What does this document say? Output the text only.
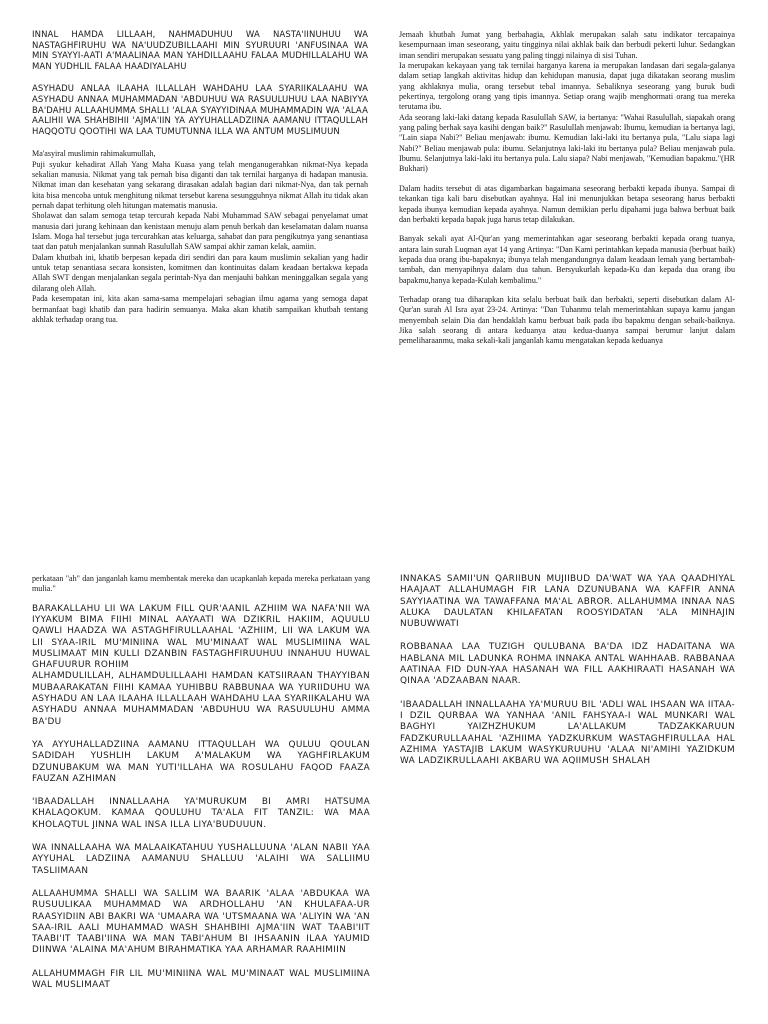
INNAL HAMDA LILLAAH, NAHMADUHUU WA NASTA'IINUHUU WA NASTAGHFIRUHU WA NA'UUDZUBILLAAHI MIN SYURUURI 'ANFUSINAA WA MIN SYAYYI-AATI A'MAALINAA MAN YAHDILLAAHU FALAA MUDHILLALAHU WA MAN YUDHLIL FALAA HAADIYALAHU

ASYHADU ANLAA ILAAHA ILLALLAH WAHDAHU LAA SYARIIKALAAHU WA ASYHADU ANNAA MUHAMMADAN 'ABDUHUU WA RASUULUHUU LAA NABIYYA BA'DAHU ALLAAHUMMA SHALLI 'ALAA SYAYYIDINAA MUHAMMADIN WA 'ALAA AALIHII WA SHAHBIHII 'AJMA'IIN YA AYYUHALLADZIINA AAMANU ITTAQULLAH HAQQOTU QOOTIHI WA LAA TUMUTUNNA ILLA WA ANTUM MUSLIMUUN

Ma'asyiral muslimin rahimakumullah,

Puji syukur kehadirat Allah Yang Maha Kuasa yang telah menganugerahkan nikmat-Nya kepada sekalian manusia. Nikmat yang tak pernah bisa diganti dan tak ternilai harganya di hadapan manusia. Nikmat iman dan kesehatan yang sekarang dirasakan adalah bagian dari nikmat-Nya, dan tak pernah kita bisa mencoba untuk menghitung nikmat tersebut karena sesungguhnya nikmat Allah itu tidak akan pernah dapat terhitung oleh hitungan matematis manusia.

Sholawat dan salam semoga tetap tercurah kepada Nabi Muhammad SAW sebagai penyelamat umat manusia dari jurang kehinaan dan kenistaan menuju alam penuh berkah dan keselamatan dalam nuansa Islam. Moga hal tersebut juga tercurahkan atas keluarga, sahabat dan para pengikutnya yang senantiasa taat dan patuh menjalankan sunnah Rasulullah SAW sampai akhir zaman kelak, aamiin.

Dalam khutbah ini, khatib berpesan kepada diri sendiri dan para kaum muslimin sekalian yang hadir untuk tetap senantiasa secara konsisten, komitmen dan kontinuitas dalam keadaan bertakwa kepada Allah SWT dengan menjalankan segala perintah-Nya dan menjauhi bahkan meninggalkan segala yang dilarang oleh Allah.

Pada kesempatan ini, kita akan sama-sama mempelajari sebagian ilmu agama yang semoga dapat bermanfaat bagi khatib dan para hadirin semuanya. Maka akan khatib sampaikan khutbah tentang akhlak terhadap orang tua.

Jemaah khutbah Jumat yang berbahagia, Akhlak merupakan salah satu indikator tercapainya kesempurnaan iman seseorang, yaitu tingginya nilai akhlak baik dan berbudi pekerti luhur. Sedangkan iman sendiri merupakan sesuatu yang paling tinggi nilainya di sisi Tuhan.

Ia merupakan kekayaan yang tak ternilai harganya karena ia merupakan landasan dari segala-galanya dalam setiap langkah aktivitas hidup dan kehidupan manusia, dapat juga dikatakan seorang muslim yang akhlaknya mulia, orang tersebut tebal imannya. Sebaliknya seseorang yang buruk budi pekertinya, tergolong orang yang tipis imannya. Setiap orang wajib menghormati orang tua mereka terutama ibu.

Ada seorang laki-laki datang kepada Rasulullah SAW, ia bertanya: "Wahai Rasulullah, siapakah orang yang paling berhak saya kasihi dengan baik?" Rasulullah menjawab: Ibumu, kemudian ia bertanya lagi, "Lain siapa Nabi?" Beliau menjawab: ibumu. Kemudian laki-laki itu bertanya pula, "Lalu siapa lagi Nabi?" Beliau menjawab pula: ibumu. Selanjutnya laki-laki itu bertanya pula? Beliau menjawab pula. Ibumu. Selanjutnya laki-laki itu bertanya pula. Lalu siapa? Nabi menjawab, "Kemudian bapakmu."(HR Bukhari)

Dalam hadits tersebut di atas digambarkan bagaimana seseorang berbakti kepada ibunya. Sampai di tekankan tiga kali baru disebutkan ayahnya. Hal ini menunjukkan betapa seseorang harus berbakti kepada ibunya kemudian kepada ayahnya. Namun demikian perlu dipahami juga bahwa berbuat baik dan berbakti kepada bapak juga harus tetap dilakukan.

Banyak sekali ayat Al-Qur'an yang memerintahkan agar seseorang berbakti kepada orang tuanya, antara lain surah Luqman ayat 14 yang Artinya: "Dan Kami perintahkan kepada manusia (berbuat baik) kepada dua orang ibu-bapaknya; ibunya telah mengandungnya dalam keadaan lemah yang bertambah-tambah, dan menyapihnya dalam dua tahun. Bersyukurlah kepada-Ku dan kepada dua orang ibu bapakmu,hanya kepada-Kulah kembalimu."

Terhadap orang tua diharapkan kita selalu berbuat baik dan berbakti, seperti disebutkan dalam Al-Qur'an surah Al Isra ayat 23-24. Artinya: "Dan Tuhanmu telah memerintahkan supaya kamu jangan menyembah selain Dia dan hendaklah kamu berbuat baik pada ibu bapakmu dengan sebaik-baiknya. Jika salah seorang di antara keduanya atau kedua-duanya sampai berumur lanjut dalam pemeliharaanmu, maka sekali-kali janganlah kamu mengatakan kepada keduanya

perkataan "ah" dan janganlah kamu membentak mereka dan ucapkanlah kepada mereka perkataan yang mulia."

BARAKALLAHU LII WA LAKUM FILL QUR'AANIL AZHIIM WA NAFA'NII WA IYYAKUM BIMA FIIHI MINAL AAYAATI WA DZIKRIL HAKIIM, AQUULU QAWLI HAADZA WA ASTAGHFIRULLAAHAL 'AZHIIM, LII WA LAKUM WA LII SYAA-IRIL MU'MINIINA WAL MU'MINAAT WAL MUSLIMIINA WAL MUSLIMAAT MIN KULLI DZANBIN FASTAGHFIRUUHUU INNAHUU HUWAL GHAFUURUR ROHIIM

ALHAMDULILLAH, ALHAMDULILLAAHI HAMDAN KATSIIRAAN THAYYIBAN MUBAARAKATAN FIIHI KAMAA YUHIBBU RABBUNAA WA YURIIDUHU WA ASYHADU AN LAA ILAAHA ILLALLAAH WAHDAHU LAA SYARIIKALAHU WA ASYHADU ANNAA MUHAMMADAN 'ABDUHUU WA RASUULUHU AMMA BA'DU

YA AYYUHALLADZIINA AAMANU ITTAQULLAH WA QULUU QOULAN SADIDAH YUSHLIH LAKUM A'MALAKUM WA YAGHFIRLAKUM DZUNUBAKUM WA MAN YUTI'ILLAHA WA ROSULAHU FAQOD FAAZA FAUZAN AZHIMAN

'IBAADALLAH INNALLAAHA YA'MURUKUM BI AMRI HATSUMA KHALAQOKUM. KAMAA QOULUHU TA'ALA FIT TANZIL: WA MAA KHOLAQTUL JINNA WAL INSA ILLA LIYA'BUDUUUN.

WA INNALLAAHA WA MALAAIKATAHUU YUSHALLUUNA 'ALAN NABII YAA AYYUHAL LADZIINA AAMANUU SHALLUU 'ALAIHI WA SALLIIMU TASLIIMAAN

ALLAAHUMMA SHALLI WA SALLIM WA BAARIK 'ALAA 'ABDUKAA WA RUSUULIKAA MUHAMMAD WA ARDHOLLAHU 'AN KHULAFAA-UR RAASYIDIIN ABI BAKRI WA 'UMAARA WA 'UTSMAANA WA 'ALIYIN WA 'AN SAA-IRIL AALI MUHAMMAD WASH SHAHBIHI AJMA'IIN WAT TAABI'IIT TAABI'IT TAABI'IINA WA MAN TABI'AHUM BI IHSAANIN ILAA YAUMID DIINWA 'ALAINA MA'AHUM BIRAHMATIKA YAA ARHAMAR RAAHIMIIN

ALLAHUMMAGH FIR LIL MU'MINIINA WAL MU'MINAAT WAL MUSLIMIINA WAL MUSLIMAAT

INNAKAS SAMII'UN QARIIBUN MUJIIBUD DA'WAT WA YAA QAADHIYAL HAAJAAT ALLAHUMAGH FIR LANA DZUNUBANA WA KAFFIR ANNA SAYYIAATINA WA TAWAFFANA MA'AL ABROR. ALLAHUMMA INNAA NAS ALUKA DAULATAN KHILAFATAN ROOSYIDATAN 'ALA MINHAJIN NUBUWWATI

ROBBANAA LAA TUZIGH QULUBANA BA'DA IDZ HADAITANA WA HABLANA MIL LADUNKA ROHMA INNAKA ANTAL WAHHAAB. RABBANAA AATINAA FID DUN-YAA HASANAH WA FILL AAKHIRAATI HASANAH WA QINAA 'ADZAABAN NAAR.

'IBAADALLAH INNALLAAHA YA'MURUU BIL 'ADLI WAL IHSAAN WA IITAA-I DZIL QURBAA WA YANHAA 'ANIL FAHSYAA-I WAL MUNKARI WAL BAGHYI YAIZHZHUKUM LA'ALLAKUM TADZAKKARUUN FADZKURULLAAHAL 'AZHIIMA YADZKURKUM WASTAGHFIRULLAA HAL AZHIMA YASTAJIB LAKUM WASYKURUUHU 'ALAA NI'AMIHI YAZIDKUM WA LADZIKRULLAAHI AKBARU WA AQIIMUSH SHALAH
